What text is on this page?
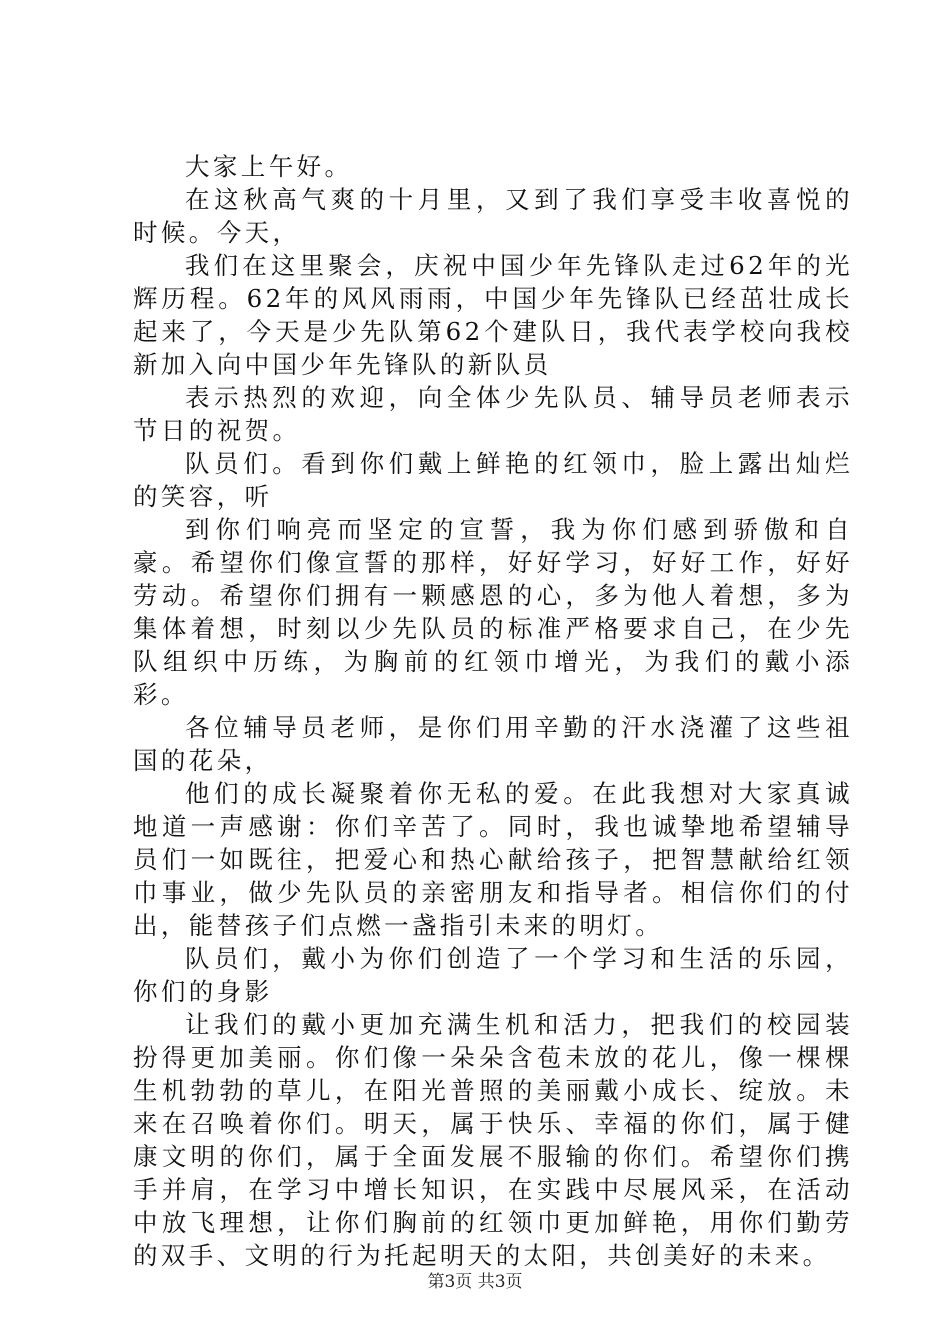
大家上午好。

在这秋高气爽的十月里，又到了我们享受丰收喜悦的时候。今天，

我们在这里聚会，庆祝中国少年先锋队走过62年的光辉历程。62年的风风雨雨，中国少年先锋队已经茁壮成长起来了，今天是少先队第62个建队日，我代表学校向我校新加入向中国少年先锋队的新队员

表示热烈的欢迎，向全体少先队员、辅导员老师表示节日的祝贺。

队员们。看到你们戴上鲜艳的红领巾，脸上露出灿烂的笑容，听

到你们响亮而坚定的宣誓，我为你们感到骄傲和自豪。希望你们像宣誓的那样，好好学习，好好工作，好好劳动。希望你们拥有一颗感恩的心，多为他人着想，多为集体着想，时刻以少先队员的标准严格要求自己，在少先队组织中历练，为胸前的红领巾增光，为我们的戴小添彩。

各位辅导员老师，是你们用辛勤的汗水浇灌了这些祖国的花朵，

他们的成长凝聚着你无私的爱。在此我想对大家真诚地道一声感谢：你们辛苦了。同时，我也诚挚地希望辅导员们一如既往，把爱心和热心献给孩子，把智慧献给红领巾事业，做少先队员的亲密朋友和指导者。相信你们的付出，能替孩子们点燃一盏指引未来的明灯。

队员们，戴小为你们创造了一个学习和生活的乐园，你们的身影

让我们的戴小更加充满生机和活力，把我们的校园装扮得更加美丽。你们像一朵朵含苞未放的花儿，像一棵棵生机勃勃的草儿，在阳光普照的美丽戴小成长、绽放。未来在召唤着你们。明天，属于快乐、幸福的你们，属于健康文明的你们，属于全面发展不服输的你们。希望你们携手并肩，在学习中增长知识，在实践中尽展风采，在活动中放飞理想，让你们胸前的红领巾更加鲜艳，用你们勤劳的双手、文明的行为托起明天的太阳，共创美好的未来。

第3页 共3页
